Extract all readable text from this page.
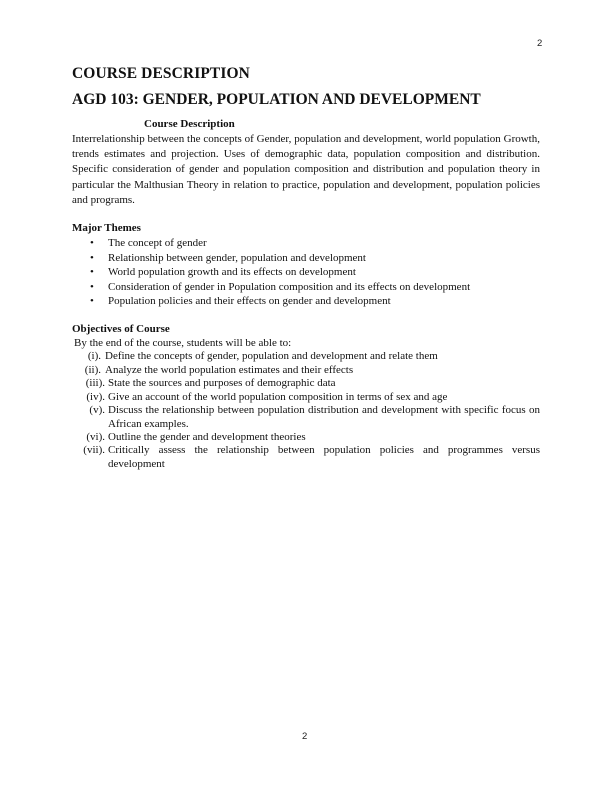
2
COURSE DESCRIPTION
AGD 103: GENDER, POPULATION AND DEVELOPMENT
Course Description

Interrelationship between the concepts of Gender, population and development, world population Growth, trends estimates and projection. Uses of demographic data, population composition and distribution. Specific consideration of gender and population composition and distribution and population theory in particular the Malthusian Theory in relation to practice, population and development, population policies and programs.

Major Themes
• The concept of gender
• Relationship between gender, population and development
• World population growth and its effects on development
• Consideration of gender in Population composition and its effects on development
• Population policies and their effects on gender and development
Objectives of Course
By the end of the course, students will be able to:
(i). Define the concepts of gender, population and development and relate them
(ii). Analyze the world population estimates and their effects
(iii). State the sources and purposes of demographic data
(iv). Give an account of the world population composition in terms of sex and age
(v). Discuss the relationship between population distribution and development with specific focus on African examples.
(vi). Outline the gender and development theories
(vii). Critically assess the relationship between population policies and programmes versus development
2
